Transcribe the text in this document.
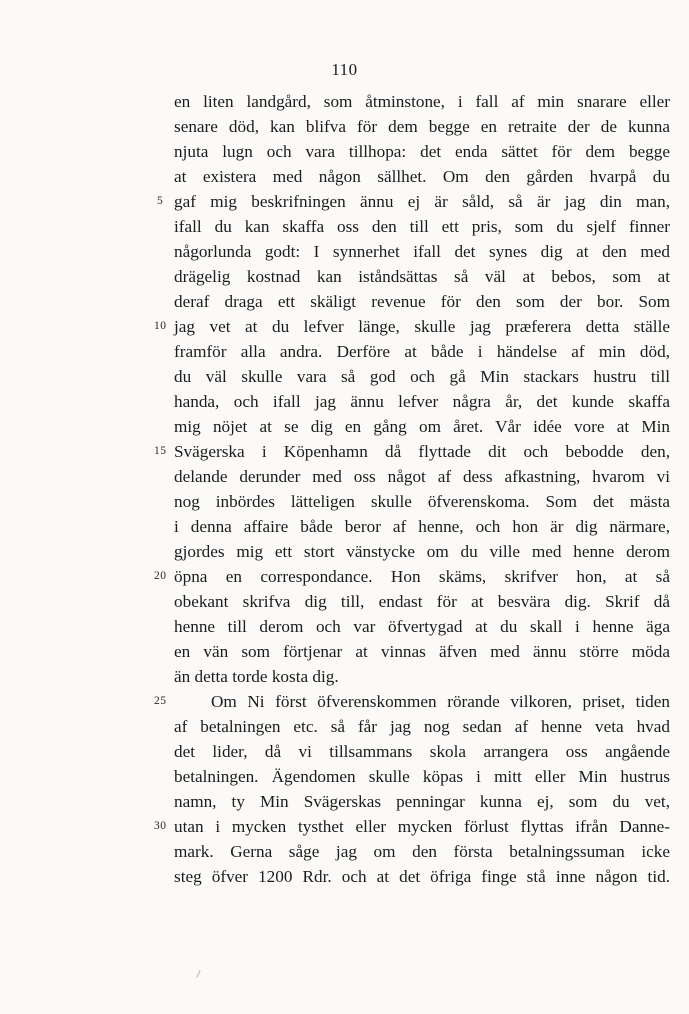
110
en liten landgård, som åtminstone, i fall af min snarare eller
senare död, kan blifva för dem begge en retraite der de kunna
njuta lugn och vara tillhopa: det enda sättet för dem begge
at existera med någon sällhet. Om den gården hvarpå du
5 gaf mig beskrifningen ännu ej är såld, så är jag din man,
ifall du kan skaffa oss den till ett pris, som du sjelf finner
någorlunda godt: I synnerhet ifall det synes dig at den med
drägelig kostnad kan iståndsättas så väl at bebos, som at
deraf draga ett skäligt revenue för den som der bor. Som
10 jag vet at du lefver länge, skulle jag præferera detta ställe
framför alla andra. Derföre at både i händelse af min död,
du väl skulle vara så god och gå Min stackars hustru till
handa, och ifall jag ännu lefver några år, det kunde skaffa
mig nöjet at se dig en gång om året. Vår idée vore at Min
15 Svägerska i Köpenhamn då flyttade dit och bebodde den,
delande derunder med oss något af dess afkastning, hvarom vi
nog inbördes lätteligen skulle öfverenskoma. Som det mästa
i denna affaire både beror af henne, och hon är dig närmare,
gjordes mig ett stort vänstycke om du ville med henne derom
20 öpna en correspondance. Hon skäms, skrifver hon, at så
obekant skrifva dig till, endast för at besvära dig. Skrif då
henne till derom och var öfvertygad at du skall i henne äga
en vän som förtjenar at vinnas äfven med ännu större möda
än detta torde kosta dig.
25	Om Ni först öfverenskommen rörande vilkoren, priset, tiden
af betalningen etc. så får jag nog sedan af henne veta hvad
det lider, då vi tillsammans skola arrangera oss angående
betalningen. Ägendomen skulle köpas i mitt eller Min hustrus
namn, ty Min Svägerskas penningar kunna ej, som du vet,
30 utan i mycken tysthet eller mycken förlust flyttas ifrån Danne-
mark. Gerna såge jag om den första betalningssuman icke
steg öfver 1200 Rdr. och at det öfriga finge stå inne någon tid.
